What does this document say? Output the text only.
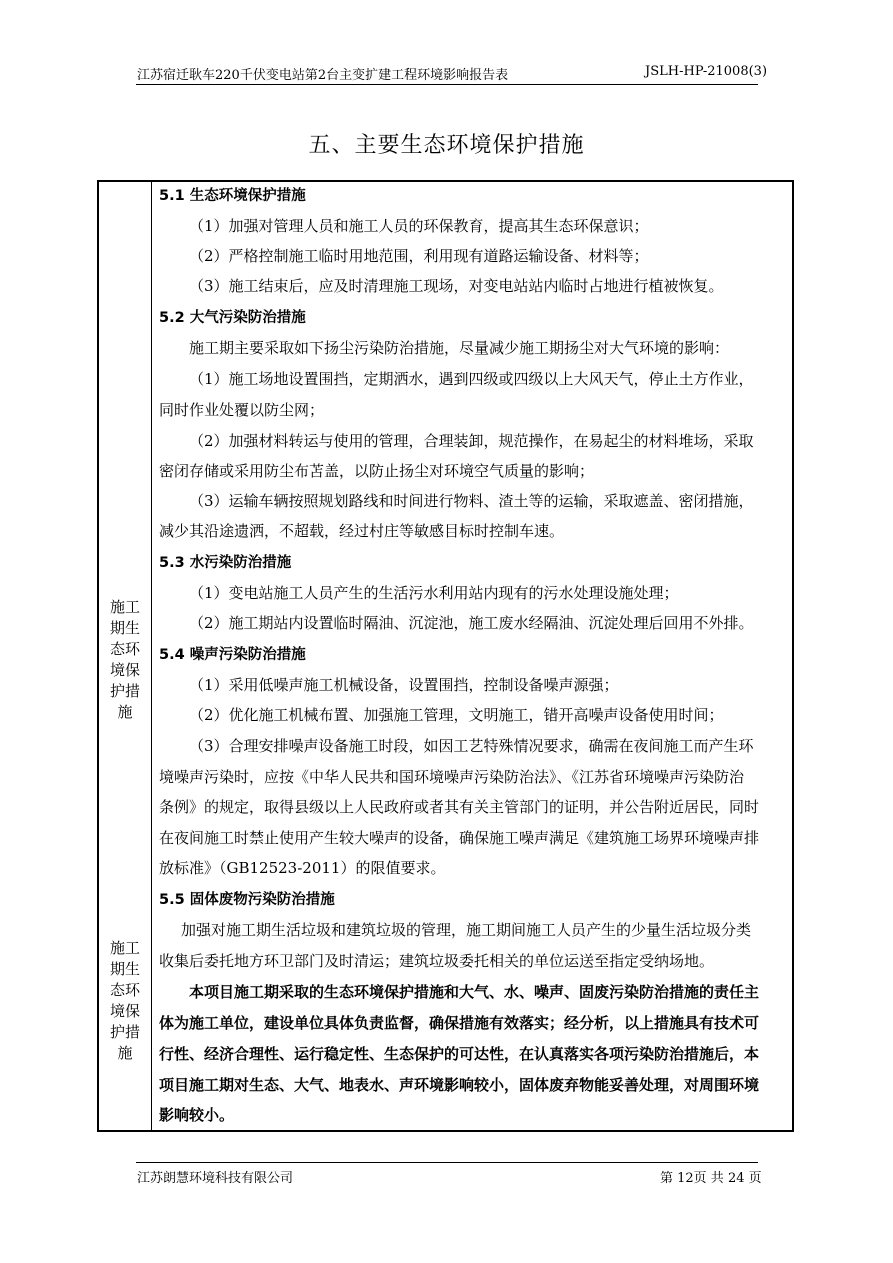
江苏宿迁耿车220千伏变电站第2台主变扩建工程环境影响报告表	JSLH-HP-21008(3)
五、主要生态环境保护措施
施工
期生
态环
境保
护措
施
施工
期生
态环
境保
护措
施
5.1 生态环境保护措施
（1）加强对管理人员和施工人员的环保教育，提高其生态环保意识；
（2）严格控制施工临时用地范围，利用现有道路运输设备、材料等；
（3）施工结束后，应及时清理施工现场，对变电站站内临时占地进行植被恢复。
5.2 大气污染防治措施
施工期主要采取如下扬尘污染防治措施，尽量减少施工期扬尘对大气环境的影响：
（1）施工场地设置围挡，定期洒水，遇到四级或四级以上大风天气，停止土方作业，
同时作业处覆以防尘网；
（2）加强材料转运与使用的管理，合理装卸，规范操作，在易起尘的材料堆场，采取
密闭存储或采用防尘布苫盖，以防止扬尘对环境空气质量的影响；
（3）运输车辆按照规划路线和时间进行物料、渣土等的运输，采取遮盖、密闭措施，
减少其沿途遗洒，不超载，经过村庄等敏感目标时控制车速。
5.3 水污染防治措施
（1）变电站施工人员产生的生活污水利用站内现有的污水处理设施处理；
（2）施工期站内设置临时隔油、沉淀池，施工废水经隔油、沉淀处理后回用不外排。
5.4 噪声污染防治措施
（1）采用低噪声施工机械设备，设置围挡，控制设备噪声源强；
（2）优化施工机械布置、加强施工管理，文明施工，错开高噪声设备使用时间；
（3）合理安排噪声设备施工时段，如因工艺特殊情况要求，确需在夜间施工而产生环
境噪声污染时，应按《中华人民共和国环境噪声污染防治法》、《江苏省环境噪声污染防治
条例》的规定，取得县级以上人民政府或者其有关主管部门的证明，并公告附近居民，同时
在夜间施工时禁止使用产生较大噪声的设备，确保施工噪声满足《建筑施工场界环境噪声排
放标准》（GB12523-2011）的限值要求。
5.5 固体废物污染防治措施
加强对施工期生活垃圾和建筑垃圾的管理，施工期间施工人员产生的少量生活垃圾分类
收集后委托地方环卫部门及时清运；建筑垃圾委托相关的单位运送至指定受纳场地。
本项目施工期采取的生态环境保护措施和大气、水、噪声、固废污染防治措施的责任主
体为施工单位，建设单位具体负责监督，确保措施有效落实；经分析，以上措施具有技术可
行性、经济合理性、运行稳定性、生态保护的可达性，在认真落实各项污染防治措施后，本
项目施工期对生态、大气、地表水、声环境影响较小，固体废弃物能妥善处理，对周围环境
影响较小。
江苏朗慧环境科技有限公司	第 12页 共 24 页
